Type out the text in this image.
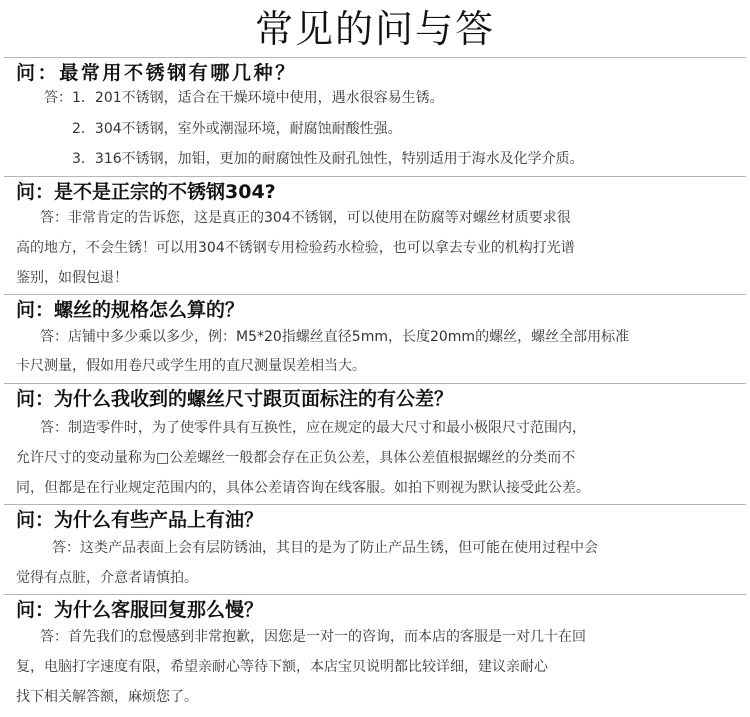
常见的问与答
问：最常用不锈钢有哪几种？
答：1．201不锈钢，适合在干燥环境中使用，遇水很容易生锈。
2．304不锈钢，室外或潮湿环境，耐腐蚀耐酸性强。
3．316不锈钢，加钼，更加的耐腐蚀性及耐孔蚀性，特别适用于海水及化学介质。
问：是不是正宗的不锈钢304?
答：非常肯定的告诉您，这是真正的304不锈钢，可以使用在防腐等对螺丝材质要求很
高的地方，不会生锈！可以用304不锈钢专用检验药水检验，也可以拿去专业的机构打光谱
鉴别，如假包退！
问：螺丝的规格怎么算的？
答：店铺中多少乘以多少，例：M5*20指螺丝直径5mm，长度20mm的螺丝，螺丝全部用标准
卡尺测量，假如用卷尺或学生用的直尺测量误差相当大。
问：为什么我收到的螺丝尺寸跟页面标注的有公差？
答：制造零件时，为了使零件具有互换性，应在规定的最大尺寸和最小极限尺寸范围内，
允许尺寸的变动量称为□公差螺丝一般都会存在正负公差，具体公差值根据螺丝的分类而不
同，但都是在行业规定范围内的，具体公差请咨询在线客服。如拍下则视为默认接受此公差。
问：为什么有些产品上有油？
答：这类产品表面上会有层防锈油，其目的是为了防止产品生锈，但可能在使用过程中会
觉得有点脏，介意者请慎拍。
问：为什么客服回复那么慢？
答：首先我们的怠慢感到非常抱歉，因您是一对一的咨询，而本店的客服是一对几十在回
复，电脑打字速度有限，希望亲耐心等待下额，本店宝贝说明都比较详细，建议亲耐心
找下相关解答额，麻烦您了。
